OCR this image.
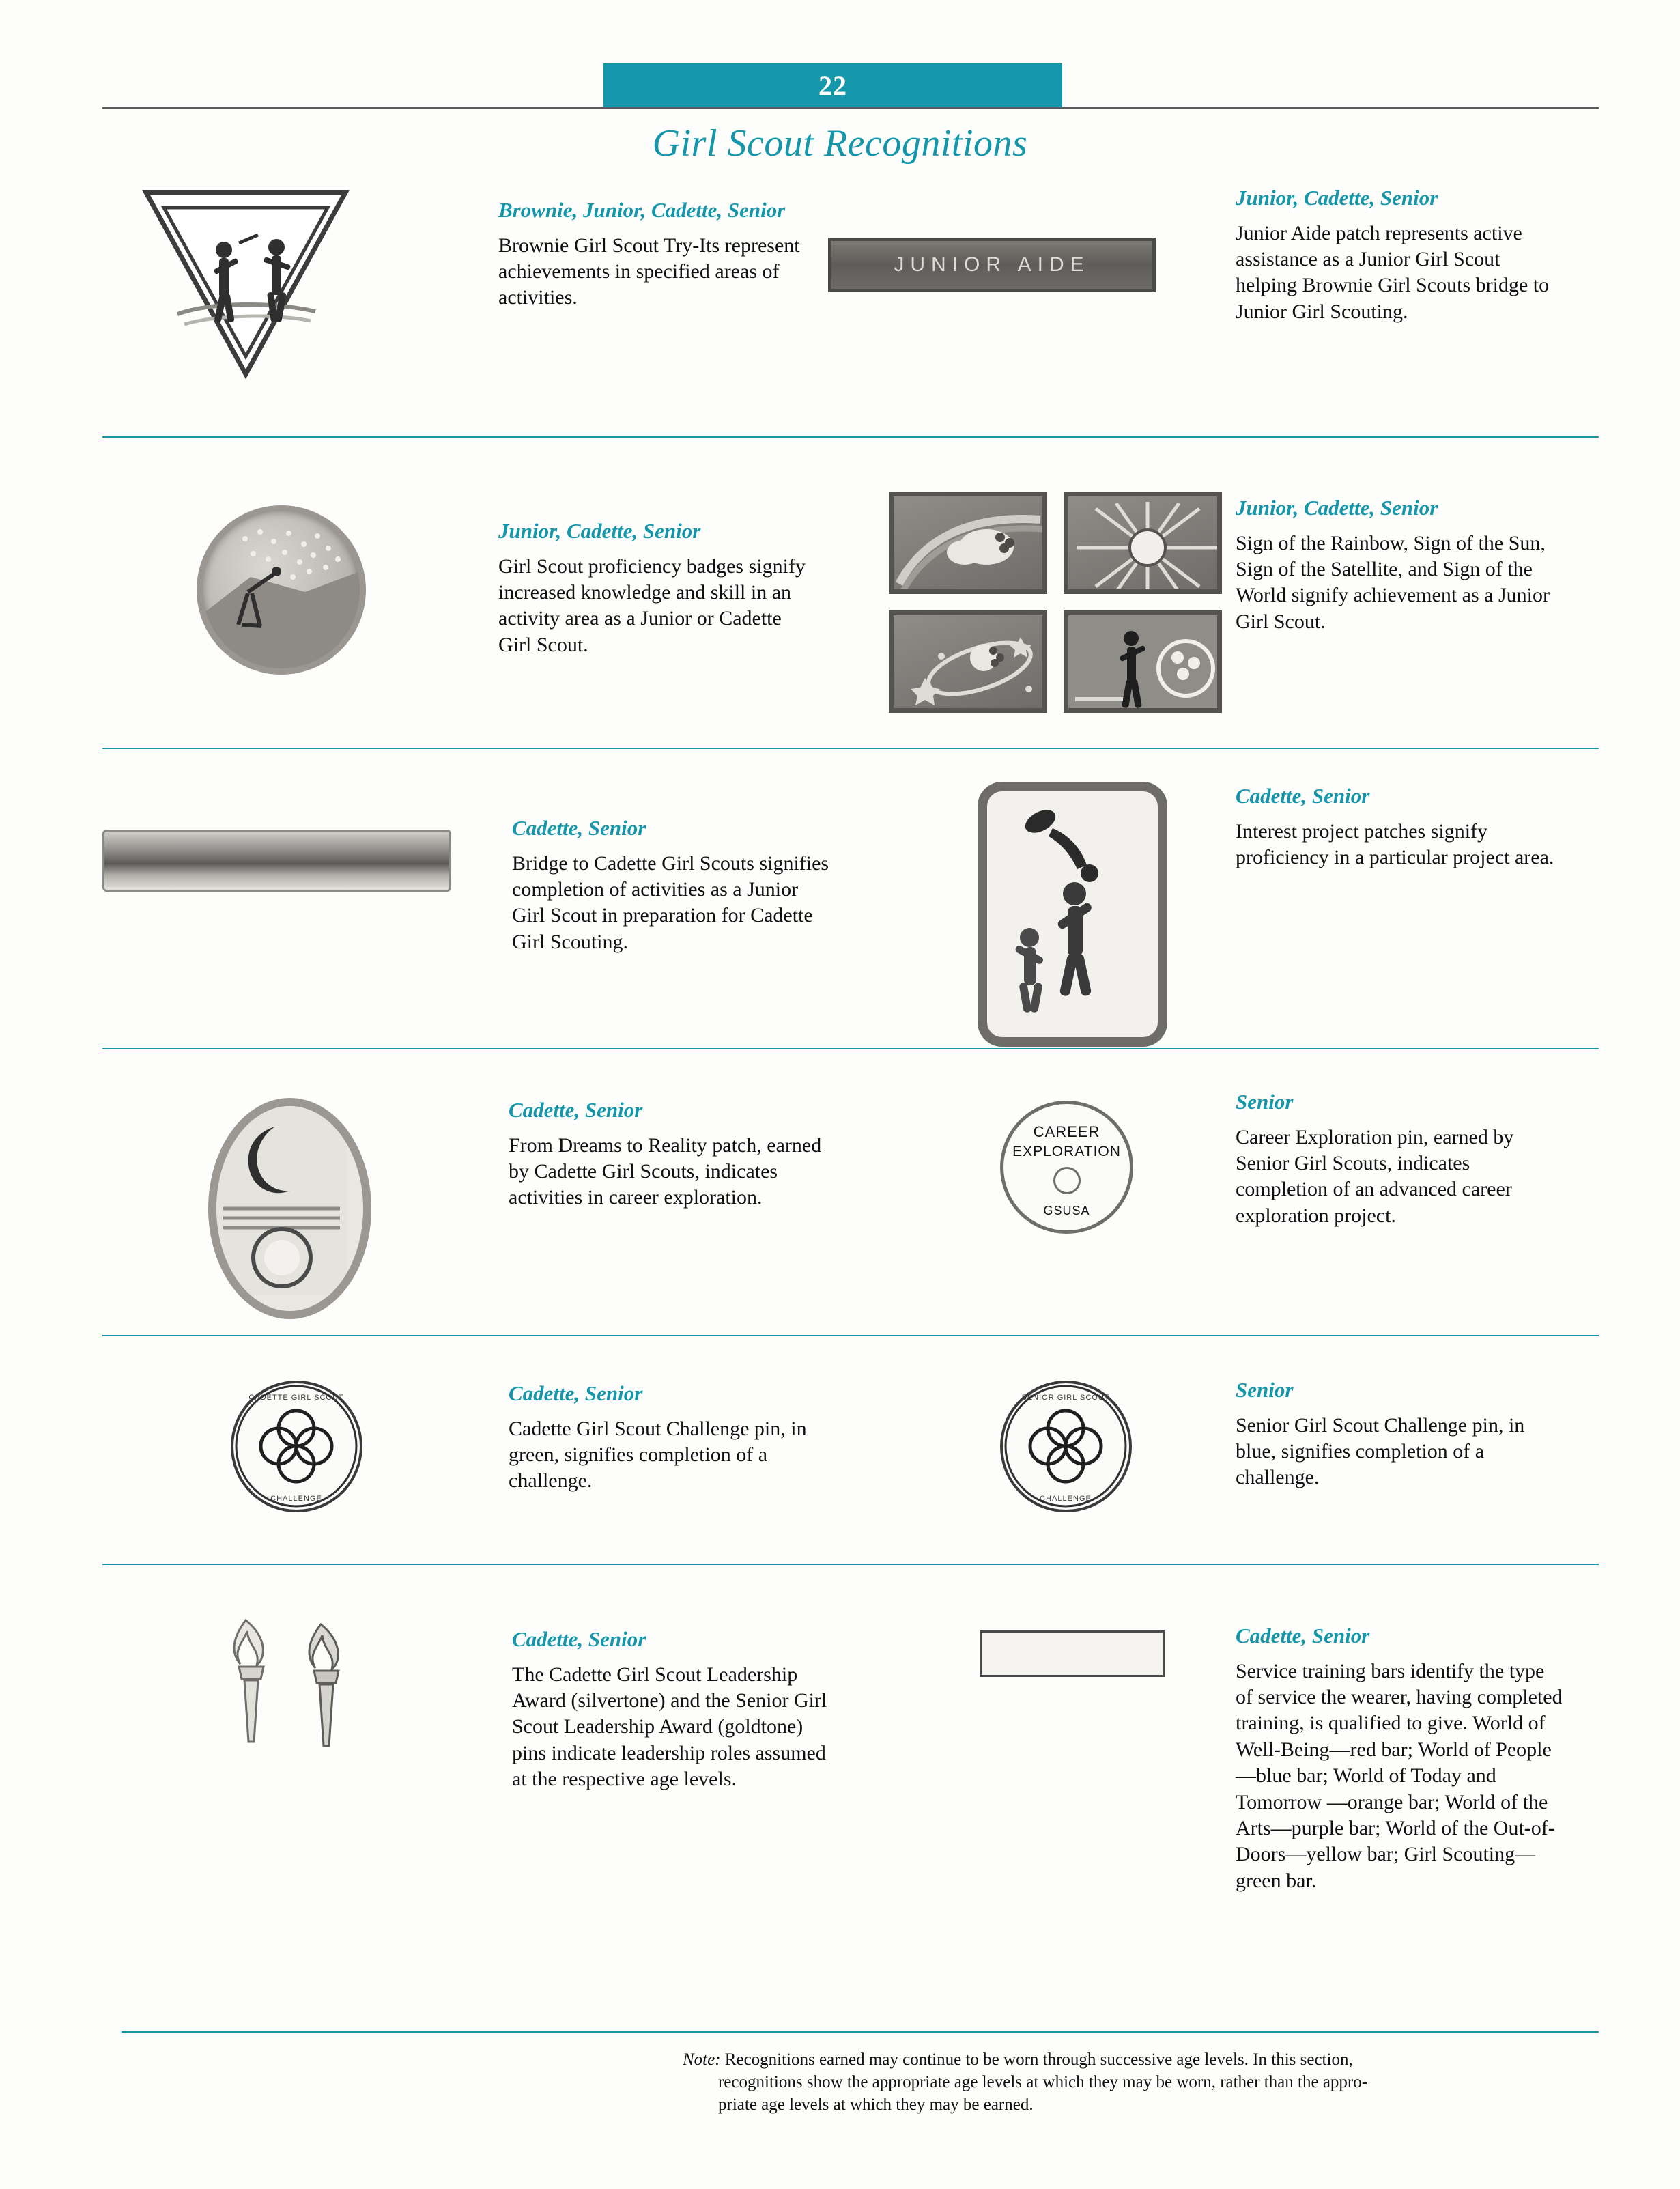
22
Girl Scout Recognitions
Brownie, Junior, Cadette, Senior
Brownie Girl Scout Try-Its represent achievements in specified areas of activities.
JUNIOR AIDE
Junior, Cadette, Senior
Junior Aide patch represents active assistance as a Junior Girl Scout helping Brownie Girl Scouts bridge to Junior Girl Scouting.
Junior, Cadette, Senior
Girl Scout proficiency badges signify increased knowledge and skill in an activity area as a Junior or Cadette Girl Scout.
Junior, Cadette, Senior
Sign of the Rainbow, Sign of the Sun, Sign of the Satellite, and Sign of the World signify achievement as a Junior Girl Scout.
Cadette, Senior
Bridge to Cadette Girl Scouts signifies completion of activities as a Junior Girl Scout in preparation for Cadette Girl Scouting.
Cadette, Senior
Interest project patches signify proficiency in a particular project area.
Cadette, Senior
From Dreams to Reality patch, earned by Cadette Girl Scouts, indicates activities in career exploration.
CAREER
EXPLORATION
GSUSA
Senior
Career Exploration pin, earned by Senior Girl Scouts, indicates completion of an advanced career exploration project.
CADETTE GIRL SCOUT
CHALLENGE
Cadette, Senior
Cadette Girl Scout Challenge pin, in green, signifies completion of a challenge.
SENIOR GIRL SCOUT
CHALLENGE
Senior
Senior Girl Scout Challenge pin, in blue, signifies completion of a challenge.
Cadette, Senior
The Cadette Girl Scout Leadership Award (silvertone) and the Senior Girl Scout Leadership Award (goldtone) pins indicate leadership roles assumed at the respective age levels.
Cadette, Senior
Service training bars identify the type of service the wearer, having completed training, is qualified to give. World of Well-Being—red bar; World of People—blue bar; World of Today and Tomorrow —orange bar; World of the Arts—purple bar; World of the Out-of-Doors—yellow bar; Girl Scouting—green bar.

Note: Recognitions earned may continue to be worn through successive age levels. In this section,

recognitions show the appropriate age levels at which they may be worn, rather than the appro-

priate age levels at which they may be earned.
